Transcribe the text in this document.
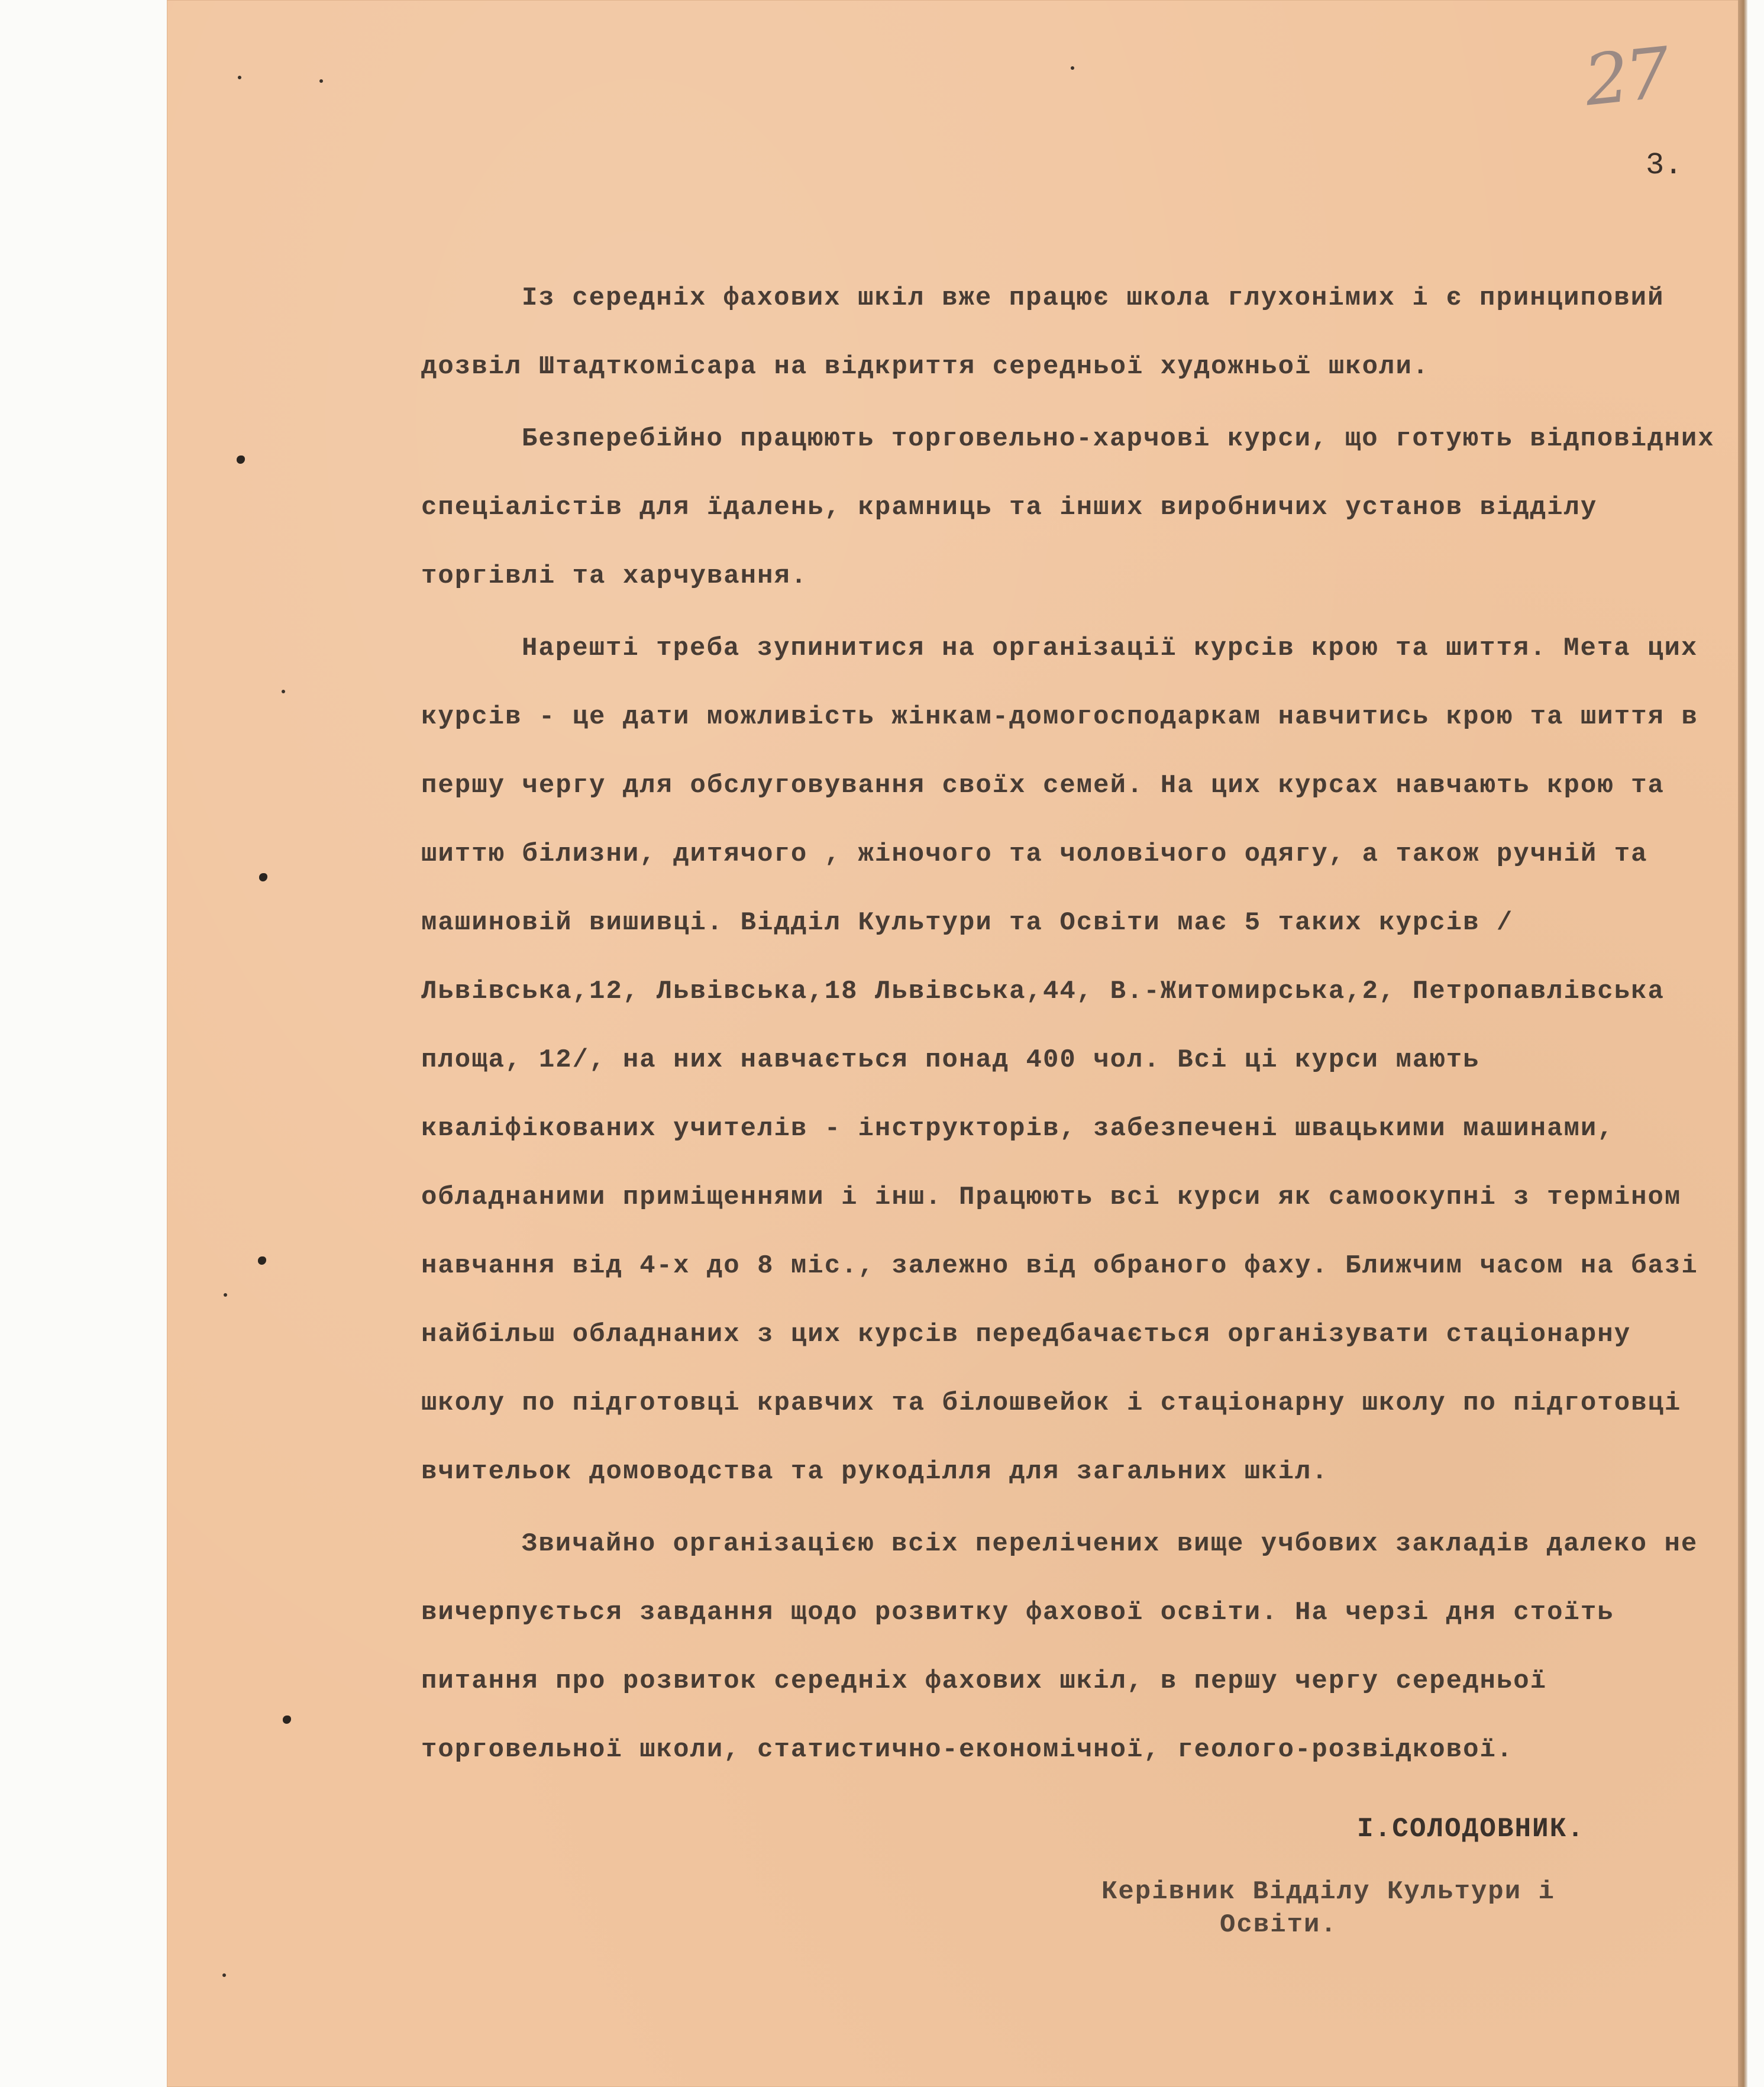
27
3.

Із середніх фахових шкіл вже працює школа глухонімих і є принциповий дозвіл Штадткомісара на відкриття середньої художньої школи.

Безперебійно працюють торговельно-харчові курси, що готують відповідних спеціалістів для їдалень, крамниць та інших виробничих установ відділу торгівлі та харчування.

Нарешті треба зупинитися на організації курсів крою та шиття. Мета цих курсів - це дати можливість жінкам-домогосподаркам навчитись крою та шиття в першу чергу для обслуговування своїх семей. На цих курсах навчають крою та шиттю білизни, дитячого , жіночого та чоловічого одягу, а також ручній та машиновій вишивці. Відділ Культури та Освіти має 5 таких курсів / Львівська,12, Львівська,18 Львівська,44, В.-Житомирська,2, Петропавлівська площа, 12/, на них навчається понад 400 чол. Всі ці курси мають кваліфікованих учителів - інструкторів, забезпечені швацькими машинами, обладнаними приміщеннями і інш. Працюють всі курси як самоокупні з терміном навчання від 4-х до 8 міс., залежно від обраного фаху. Ближчим часом на базі найбільш обладнаних з цих курсів передбачається організувати стаціонарну школу по підготовці кравчих та білошвейок і стаціонарну школу по підготовці вчительок домоводства та рукоділля для загальних шкіл.

Звичайно організацією всіх перелічених вище учбових закладів далеко не вичерпується завдання щодо розвитку фахової освіти. На черзі дня стоїть питання про розвиток середніх фахових шкіл, в першу чергу середньої торговельної школи, статистично-економічної, геолого-розвідкової.

І.СОЛОДОВНИК.
Керівник Відділу Культури і
Освіти.
